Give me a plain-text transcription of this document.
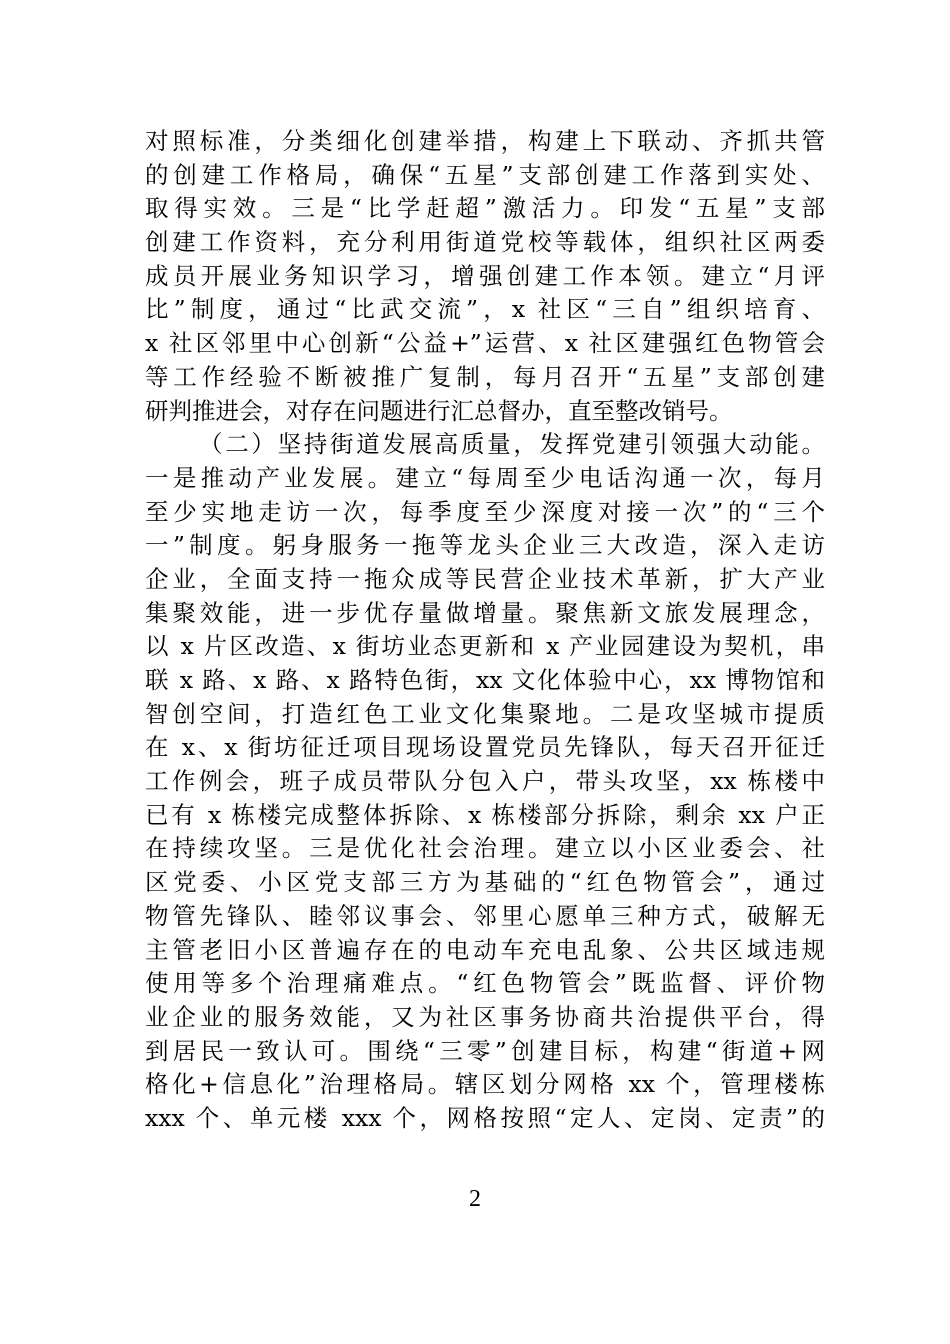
对照标准，分类细化创建举措，构建上下联动、齐抓共管

的创建工作格局，确保“五星”支部创建工作落到实处、

取得实效。三是“比学赶超”激活力。印发“五星”支部

创建工作资料，充分利用街道党校等载体，组织社区两委

成员开展业务知识学习，增强创建工作本领。建立“月评

比”制度，通过“比武交流”，x 社区“三自”组织培育、

x 社区邻里中心创新“公益+”运营、x 社区建强红色物管会

等工作经验不断被推广复制，每月召开“五星”支部创建

研判推进会，对存在问题进行汇总督办，直至整改销号。

（二）坚持街道发展高质量，发挥党建引领强大动能。

一是推动产业发展。建立“每周至少电话沟通一次，每月

至少实地走访一次，每季度至少深度对接一次”的“三个

一”制度。躬身服务一拖等龙头企业三大改造，深入走访

企业，全面支持一拖众成等民营企业技术革新，扩大产业

集聚效能，进一步优存量做增量。聚焦新文旅发展理念，

以 x 片区改造、x 街坊业态更新和 x 产业园建设为契机，串

联 x 路、x 路、x 路特色街，xx 文化体验中心，xx 博物馆和

智创空间，打造红色工业文化集聚地。二是攻坚城市提质

在 x、x 街坊征迁项目现场设置党员先锋队，每天召开征迁

工作例会，班子成员带队分包入户，带头攻坚，xx 栋楼中

已有 x 栋楼完成整体拆除、x 栋楼部分拆除，剩余 xx 户正

在持续攻坚。三是优化社会治理。建立以小区业委会、社

区党委、小区党支部三方为基础的“红色物管会”，通过

物管先锋队、睦邻议事会、邻里心愿单三种方式，破解无

主管老旧小区普遍存在的电动车充电乱象、公共区域违规

使用等多个治理痛难点。“红色物管会”既监督、评价物

业企业的服务效能，又为社区事务协商共治提供平台，得

到居民一致认可。围绕“三零”创建目标，构建“街道+网

格化+信息化”治理格局。辖区划分网格 xx 个，管理楼栋

xxx 个、单元楼 xxx 个，网格按照“定人、定岗、定责”的

2
